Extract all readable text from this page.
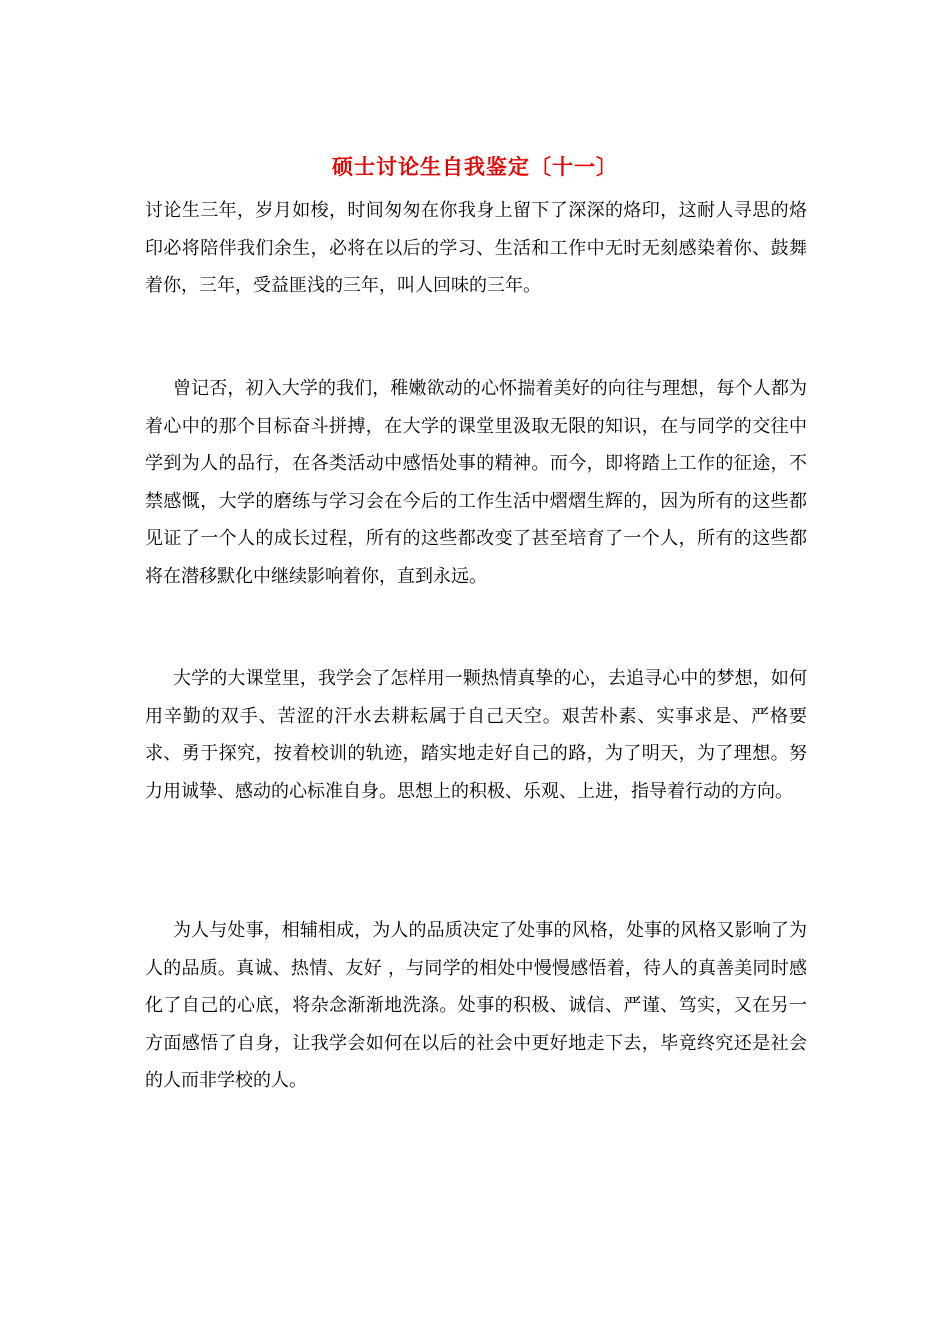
硕士讨论生自我鉴定〔十一〕

讨论生三年，岁月如梭，时间匆匆在你我身上留下了深深的烙印，这耐人寻思的烙印必将陪伴我们余生，必将在以后的学习、生活和工作中无时无刻感染着你、鼓舞着你，三年，受益匪浅的三年，叫人回味的三年。

曾记否，初入大学的我们，稚嫩欲动的心怀揣着美好的向往与理想，每个人都为着心中的那个目标奋斗拼搏，在大学的课堂里汲取无限的知识，在与同学的交往中学到为人的品行，在各类活动中感悟处事的精神。而今，即将踏上工作的征途，不禁感慨，大学的磨练与学习会在今后的工作生活中熠熠生辉的，因为所有的这些都见证了一个人的成长过程，所有的这些都改变了甚至培育了一个人，所有的这些都将在潜移默化中继续影响着你，直到永远。

大学的大课堂里，我学会了怎样用一颗热情真挚的心，去追寻心中的梦想，如何用辛勤的双手、苦涩的汗水去耕耘属于自己天空。艰苦朴素、实事求是、严格要求、勇于探究，按着校训的轨迹，踏实地走好自己的路，为了明天，为了理想。努力用诚挚、感动的心标准自身。思想上的积极、乐观、上进，指导着行动的方向。

为人与处事，相辅相成，为人的品质决定了处事的风格，处事的风格又影响了为人的品质。真诚、热情、友好 ，与同学的相处中慢慢感悟着，待人的真善美同时感化了自己的心底，将杂念渐渐地洗涤。处事的积极、诚信、严谨、笃实，又在另一方面感悟了自身，让我学会如何在以后的社会中更好地走下去，毕竟终究还是社会的人而非学校的人。
